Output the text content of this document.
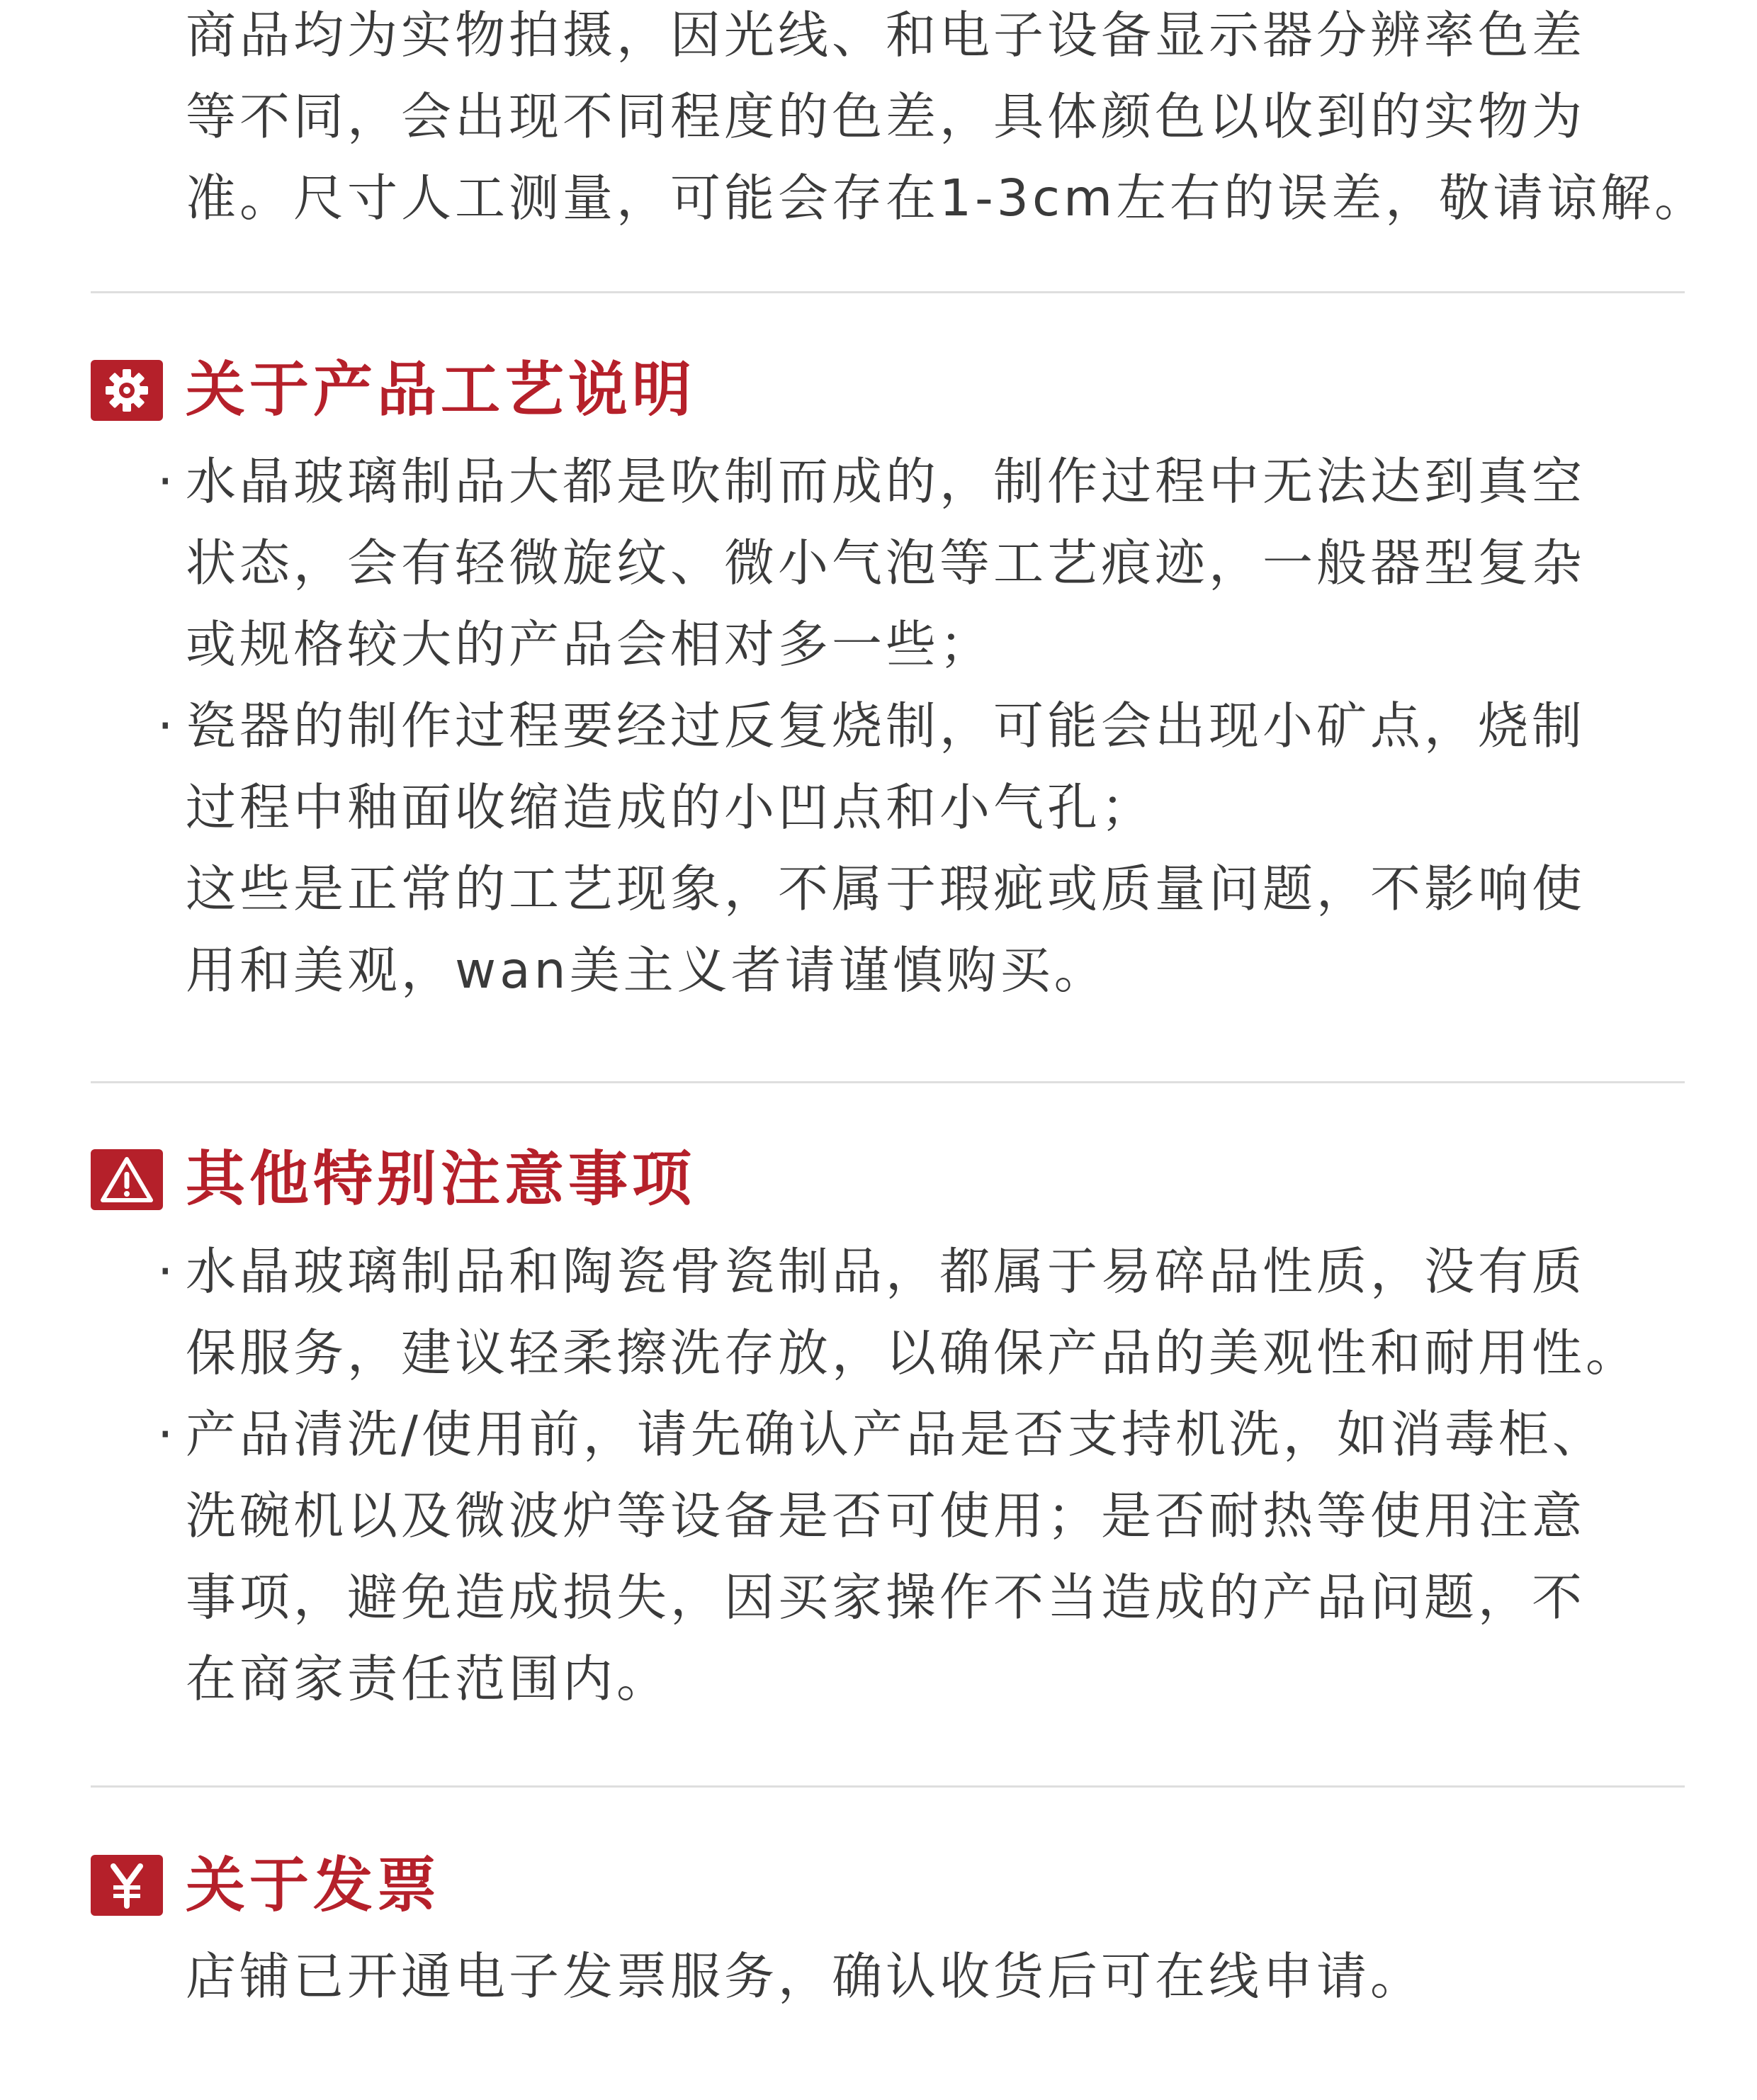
商品均为实物拍摄，因光线、和电子设备显示器分辨率色差
等不同，会出现不同程度的色差，具体颜色以收到的实物为
准。尺寸人工测量，可能会存在1-3cm左右的误差，敬请谅解。
关于产品工艺说明
· 水晶玻璃制品大都是吹制而成的，制作过程中无法达到真空
状态，会有轻微旋纹、微小气泡等工艺痕迹，一般器型复杂
或规格较大的产品会相对多一些；
· 瓷器的制作过程要经过反复烧制，可能会出现小矿点，烧制
过程中釉面收缩造成的小凹点和小气孔；
这些是正常的工艺现象，不属于瑕疵或质量问题，不影响使
用和美观，wan美主义者请谨慎购买。
其他特别注意事项
· 水晶玻璃制品和陶瓷骨瓷制品，都属于易碎品性质，没有质
保服务，建议轻柔擦洗存放，以确保产品的美观性和耐用性。
· 产品清洗/使用前，请先确认产品是否支持机洗，如消毒柜、
洗碗机以及微波炉等设备是否可使用；是否耐热等使用注意
事项，避免造成损失，因买家操作不当造成的产品问题，不
在商家责任范围内。
关于发票
店铺已开通电子发票服务，确认收货后可在线申请。
